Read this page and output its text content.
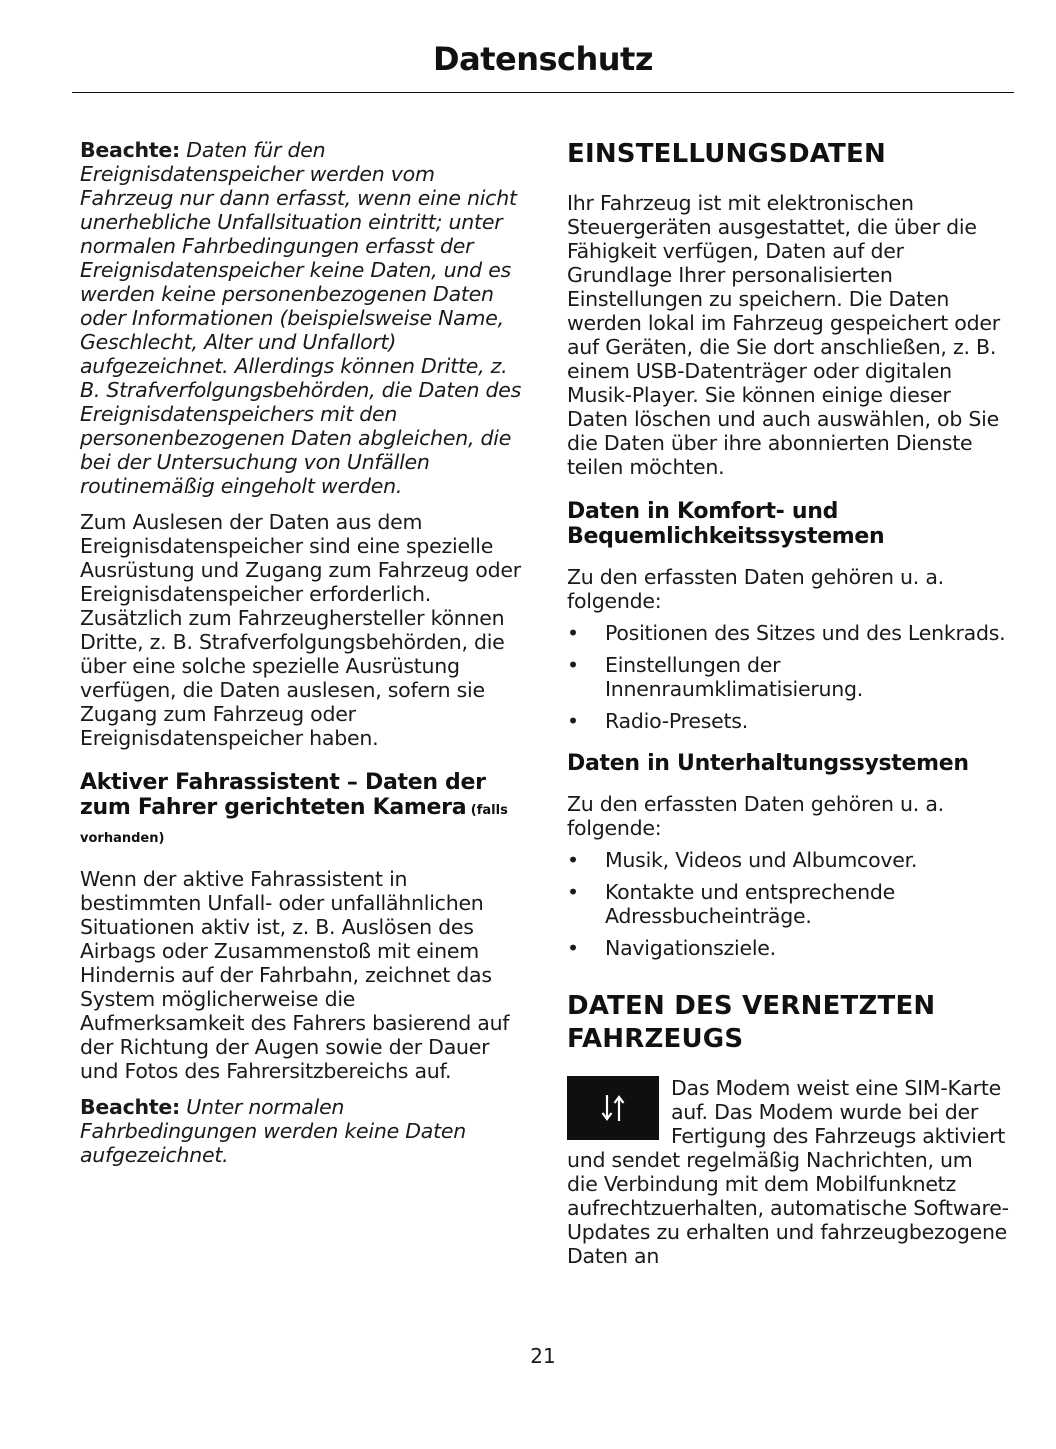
Datenschutz

Beachte: Daten für den Ereignisdatenspeicher werden vom Fahrzeug nur dann erfasst, wenn eine nicht unerhebliche Unfallsituation eintritt; unter normalen Fahrbedingungen erfasst der Ereignisdatenspeicher keine Daten, und es werden keine personenbezogenen Daten oder Informationen (beispielsweise Name, Geschlecht, Alter und Unfallort) aufgezeichnet. Allerdings können Dritte, z. B. Strafverfolgungsbehörden, die Daten des Ereignisdatenspeichers mit den personenbezogenen Daten abgleichen, die bei der Untersuchung von Unfällen routinemäßig eingeholt werden.

Zum Auslesen der Daten aus dem Ereignisdatenspeicher sind eine spezielle Ausrüstung und Zugang zum Fahrzeug oder Ereignisdatenspeicher erforderlich. Zusätzlich zum Fahrzeughersteller können Dritte, z. B. Strafverfolgungsbehörden, die über eine solche spezielle Ausrüstung verfügen, die Daten auslesen, sofern sie Zugang zum Fahrzeug oder Ereignisdatenspeicher haben.

Aktiver Fahrassistent – Daten der zum Fahrer gerichteten Kamera (falls vorhanden)

Wenn der aktive Fahrassistent in bestimmten Unfall- oder unfallähnlichen Situationen aktiv ist, z. B. Auslösen des Airbags oder Zusammenstoß mit einem Hindernis auf der Fahrbahn, zeichnet das System möglicherweise die Aufmerksamkeit des Fahrers basierend auf der Richtung der Augen sowie der Dauer und Fotos des Fahrersitzbereichs auf.

Beachte: Unter normalen Fahrbedingungen werden keine Daten aufgezeichnet.

EINSTELLUNGSDATEN

Ihr Fahrzeug ist mit elektronischen Steuergeräten ausgestattet, die über die Fähigkeit verfügen, Daten auf der Grundlage Ihrer personalisierten Einstellungen zu speichern. Die Daten werden lokal im Fahrzeug gespeichert oder auf Geräten, die Sie dort anschließen, z. B. einem USB-Datenträger oder digitalen Musik-Player. Sie können einige dieser Daten löschen und auch auswählen, ob Sie die Daten über ihre abonnierten Dienste teilen möchten.

Daten in Komfort- und Bequemlichkeitssystemen

Zu den erfassten Daten gehören u. a. folgende:

• Positionen des Sitzes und des Lenkrads.
• Einstellungen der Innenraumklimatisierung.
• Radio-Presets.
Daten in Unterhaltungssystemen

Zu den erfassten Daten gehören u. a. folgende:

• Musik, Videos und Albumcover.
• Kontakte und entsprechende Adressbucheinträge.
• Navigationsziele.
DATEN DES VERNETZTEN FAHRZEUGS

Das Modem weist eine SIM-Karte auf. Das Modem wurde bei der Fertigung des Fahrzeugs aktiviert und sendet regelmäßig Nachrichten, um die Verbindung mit dem Mobilfunknetz aufrechtzuerhalten, automatische Software-Updates zu erhalten und fahrzeugbezogene Daten an

21
